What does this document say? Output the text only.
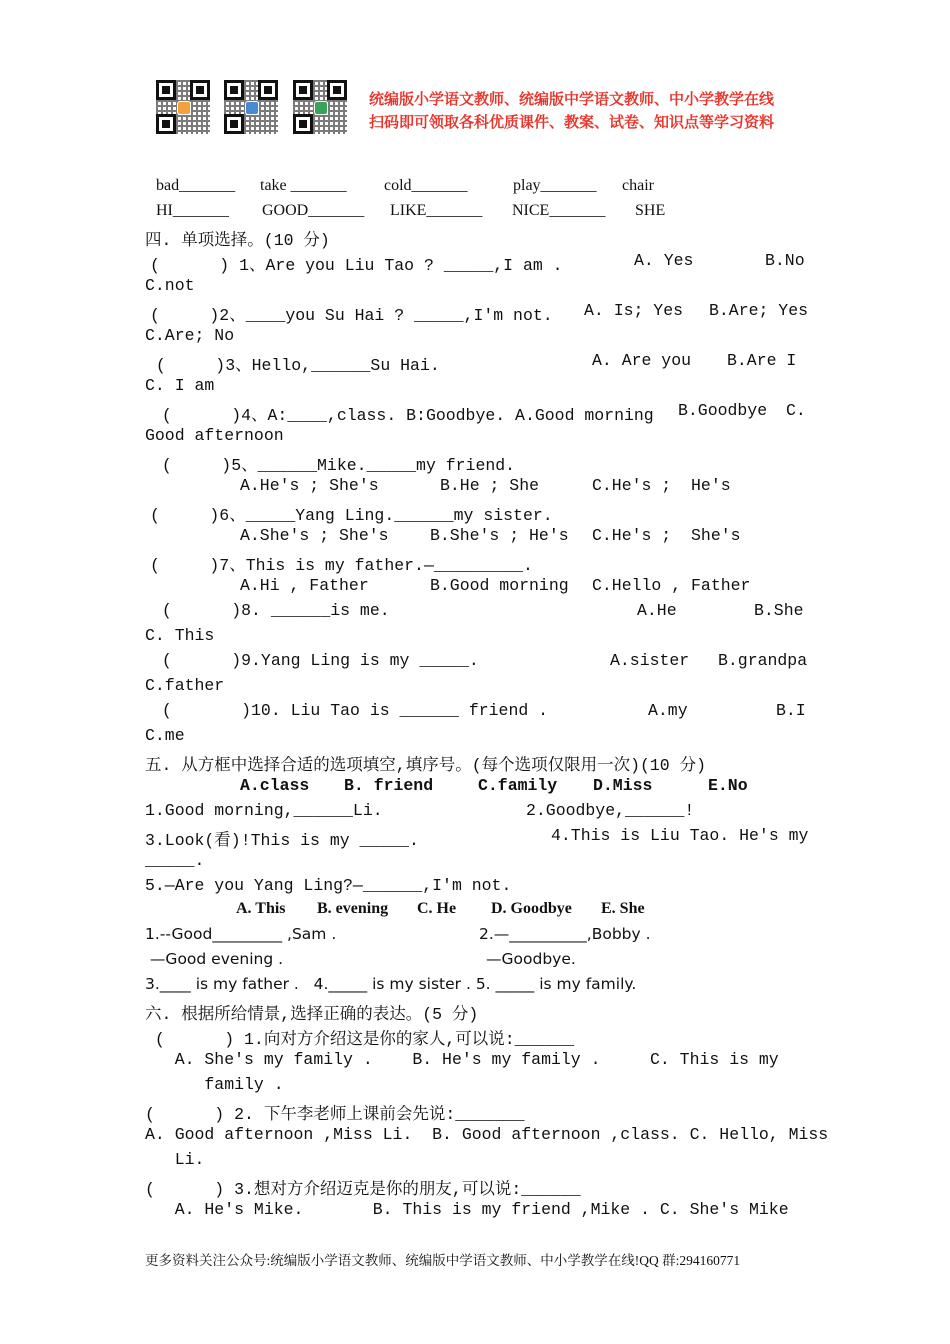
统编版小学语文教师、统编版中学语文教师、中小学教学在线
扫码即可领取各科优质课件、教案、试卷、知识点等学习资料
bad_______ take _______ cold_______	play_______ chair
HI_______ GOOD_______ LIKE_______ NICE_______ SHE
四. 单项选择。(10 分)
(      ) 1、Are you Liu Tao ? _____,I am .	A. Yes	B.No
C.not
(     )2、____you Su Hai ? _____,I'm not. A. Is; Yes B.Are; Yes
C.Are; No
(     )3、Hello,______Su Hai.	A. Are you B.Are I
C. I am
(      )4、A:____,class. B:Goodbye. A.Good morning B.Goodbye C.
Good afternoon
(     )5、______Mike._____my friend.
A.He's ; She's	B.He ; She	C.He's ;  He's
(     )6、_____Yang Ling.______my sister.
A.She's ; She's	B.She's ; He's C.He's ;  She's
(     )7、This is my father.—_________.
A.Hi , Father	B.Good morning C.Hello , Father
(      )8. ______is me.	A.He	B.She
C. This
(      )9.Yang Ling is my _____.	A.sister B.grandpa
C.father
(       )10. Liu Tao is ______ friend .	A.my	B.I
C.me
五. 从方框中选择合适的选项填空,填序号。(每个选项仅限用一次)(10 分)
A.class B. friend	C.family D.Miss	E.No
1.Good morning,______Li.	2.Goodbye,______!
3.Look(看)!This is my _____.	4.This is Liu Tao. He's my
_____.
5.—Are you Yang Ling?—______,I'm not.
A. This B. evening C. He D. Goodbye E. She
1.--Good_________ ,Sam .	2.—__________,Bobby .
—Good evening .	—Goodbye.
3.____ is my father .   4._____ is my sister . 5. _____ is my family.
六. 根据所给情景,选择正确的表达。(5 分)
(      ) 1.向对方介绍这是你的家人,可以说:______
A. She's my family .    B. He's my family .     C. This is my
family .
(      ) 2. 下午李老师上课前会先说:_______
A. Good afternoon ,Miss Li.  B. Good afternoon ,class. C. Hello, Miss
Li.
(      ) 3.想对方介绍迈克是你的朋友,可以说:______
A. He's Mike.       B. This is my friend ,Mike . C. She's Mike
更多资料关注公众号:统编版小学语文教师、统编版中学语文教师、中小学教学在线!QQ 群:294160771
